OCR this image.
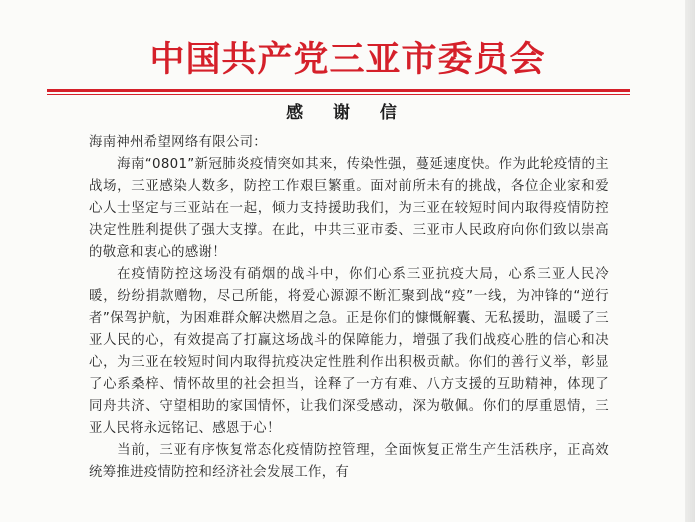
中国共产党三亚市委员会
感 谢 信

海南神州希望网络有限公司：

海南“0801”新冠肺炎疫情突如其来，传染性强，蔓延速度快。作为此轮疫情的主战场，三亚感染人数多，防控工作艰巨繁重。面对前所未有的挑战，各位企业家和爱心人士坚定与三亚站在一起，倾力支持援助我们，为三亚在较短时间内取得疫情防控决定性胜利提供了强大支撑。在此，中共三亚市委、三亚市人民政府向你们致以崇高的敬意和衷心的感谢！

在疫情防控这场没有硝烟的战斗中，你们心系三亚抗疫大局，心系三亚人民冷暖，纷纷捐款赠物，尽己所能，将爱心源源不断汇聚到战“疫”一线，为冲锋的“逆行者”保驾护航，为困难群众解决燃眉之急。正是你们的慷慨解囊、无私援助，温暖了三亚人民的心，有效提高了打赢这场战斗的保障能力，增强了我们战疫心胜的信心和决心，为三亚在较短时间内取得抗疫决定性胜利作出积极贡献。你们的善行义举，彰显了心系桑梓、情怀故里的社会担当，诠释了一方有难、八方支援的互助精神，体现了同舟共济、守望相助的家国情怀，让我们深受感动，深为敬佩。你们的厚重恩情，三亚人民将永远铭记、感恩于心！

当前，三亚有序恢复常态化疫情防控管理，全面恢复正常生产生活秩序，正高效统筹推进疫情防控和经济社会发展工作，有
